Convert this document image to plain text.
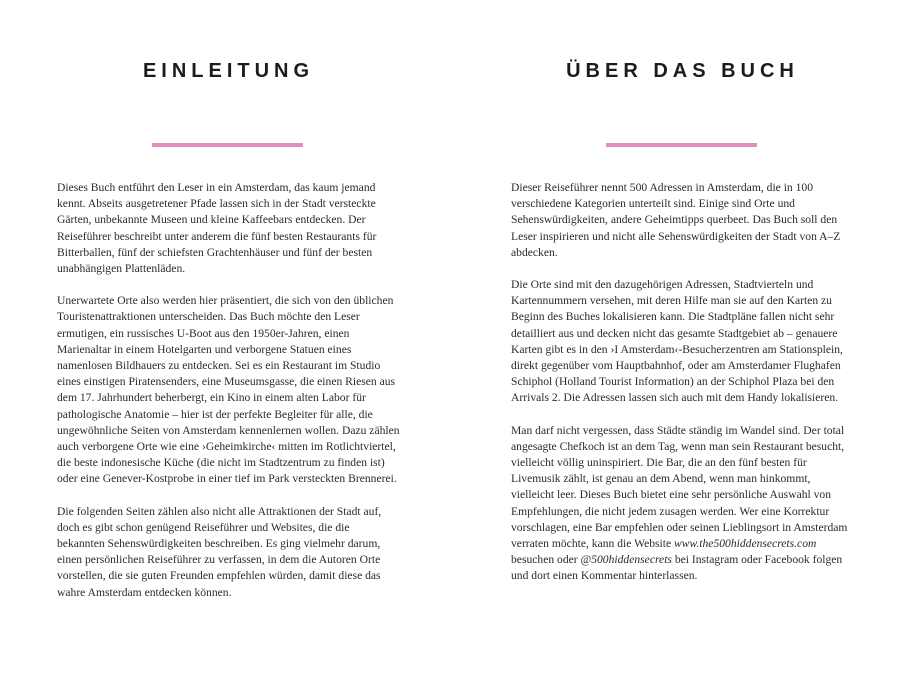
EINLEITUNG

Dieses Buch entführt den Leser in ein Amsterdam, das kaum jemand kennt. Abseits ausgetretener Pfade lassen sich in der Stadt versteckte Gärten, unbekannte Museen und kleine Kaffeebars entdecken. Der Reiseführer beschreibt unter anderem die fünf besten Restaurants für Bitterballen, fünf der schiefsten Grachtenhäuser und fünf der besten unabhängigen Plattenläden.

Unerwartete Orte also werden hier präsentiert, die sich von den üblichen Touristenattraktionen unterscheiden. Das Buch möchte den Leser ermutigen, ein russisches U-Boot aus den 1950er-Jahren, einen Marienaltar in einem Hotelgarten und verborgene Statuen eines namenlosen Bildhauers zu entdecken. Sei es ein Restaurant im Studio eines einstigen Piratensenders, eine Museumsgasse, die einen Riesen aus dem 17. Jahrhundert beherbergt, ein Kino in einem alten Labor für pathologische Anatomie – hier ist der perfekte Begleiter für alle, die ungewöhnliche Seiten von Amsterdam kennenlernen wollen. Dazu zählen auch verborgene Orte wie eine ›Geheimkirche‹ mitten im Rotlichtviertel, die beste indonesische Küche (die nicht im Stadtzentrum zu finden ist) oder eine Genever-Kostprobe in einer tief im Park versteckten Brennerei.

Die folgenden Seiten zählen also nicht alle Attraktionen der Stadt auf, doch es gibt schon genügend Reiseführer und Websites, die die bekannten Sehenswürdigkeiten beschreiben. Es ging vielmehr darum, einen persönlichen Reiseführer zu verfassen, in dem die Autoren Orte vorstellen, die sie guten Freunden empfehlen würden, damit diese das wahre Amsterdam entdecken können.

ÜBER DAS BUCH

Dieser Reiseführer nennt 500 Adressen in Amsterdam, die in 100 verschiedene Kategorien unterteilt sind. Einige sind Orte und Sehenswürdigkeiten, andere Geheimtipps querbeet. Das Buch soll den Leser inspirieren und nicht alle Sehenswürdigkeiten der Stadt von A–Z abdecken.

Die Orte sind mit den dazugehörigen Adressen, Stadtvierteln und Kartennummern versehen, mit deren Hilfe man sie auf den Karten zu Beginn des Buches lokalisieren kann. Die Stadtpläne fallen nicht sehr detailliert aus und decken nicht das gesamte Stadtgebiet ab – genauere Karten gibt es in den ›I Amsterdam‹-Besucherzentren am Stationsplein, direkt gegenüber vom Hauptbahnhof, oder am Amsterdamer Flughafen Schiphol (Holland Tourist Information) an der Schiphol Plaza bei den Arrivals 2. Die Adressen lassen sich auch mit dem Handy lokalisieren.

Man darf nicht vergessen, dass Städte ständig im Wandel sind. Der total angesagte Chefkoch ist an dem Tag, wenn man sein Restaurant besucht, vielleicht völlig uninspiriert. Die Bar, die an den fünf besten für Livemusik zählt, ist genau an dem Abend, wenn man hinkommt, vielleicht leer. Dieses Buch bietet eine sehr persönliche Auswahl von Empfehlungen, die nicht jedem zusagen werden. Wer eine Korrektur vorschlagen, eine Bar empfehlen oder seinen Lieblingsort in Amsterdam verraten möchte, kann die Website www.the500hiddensecrets.com besuchen oder @500hiddensecrets bei Instagram oder Facebook folgen und dort einen Kommentar hinterlassen.
